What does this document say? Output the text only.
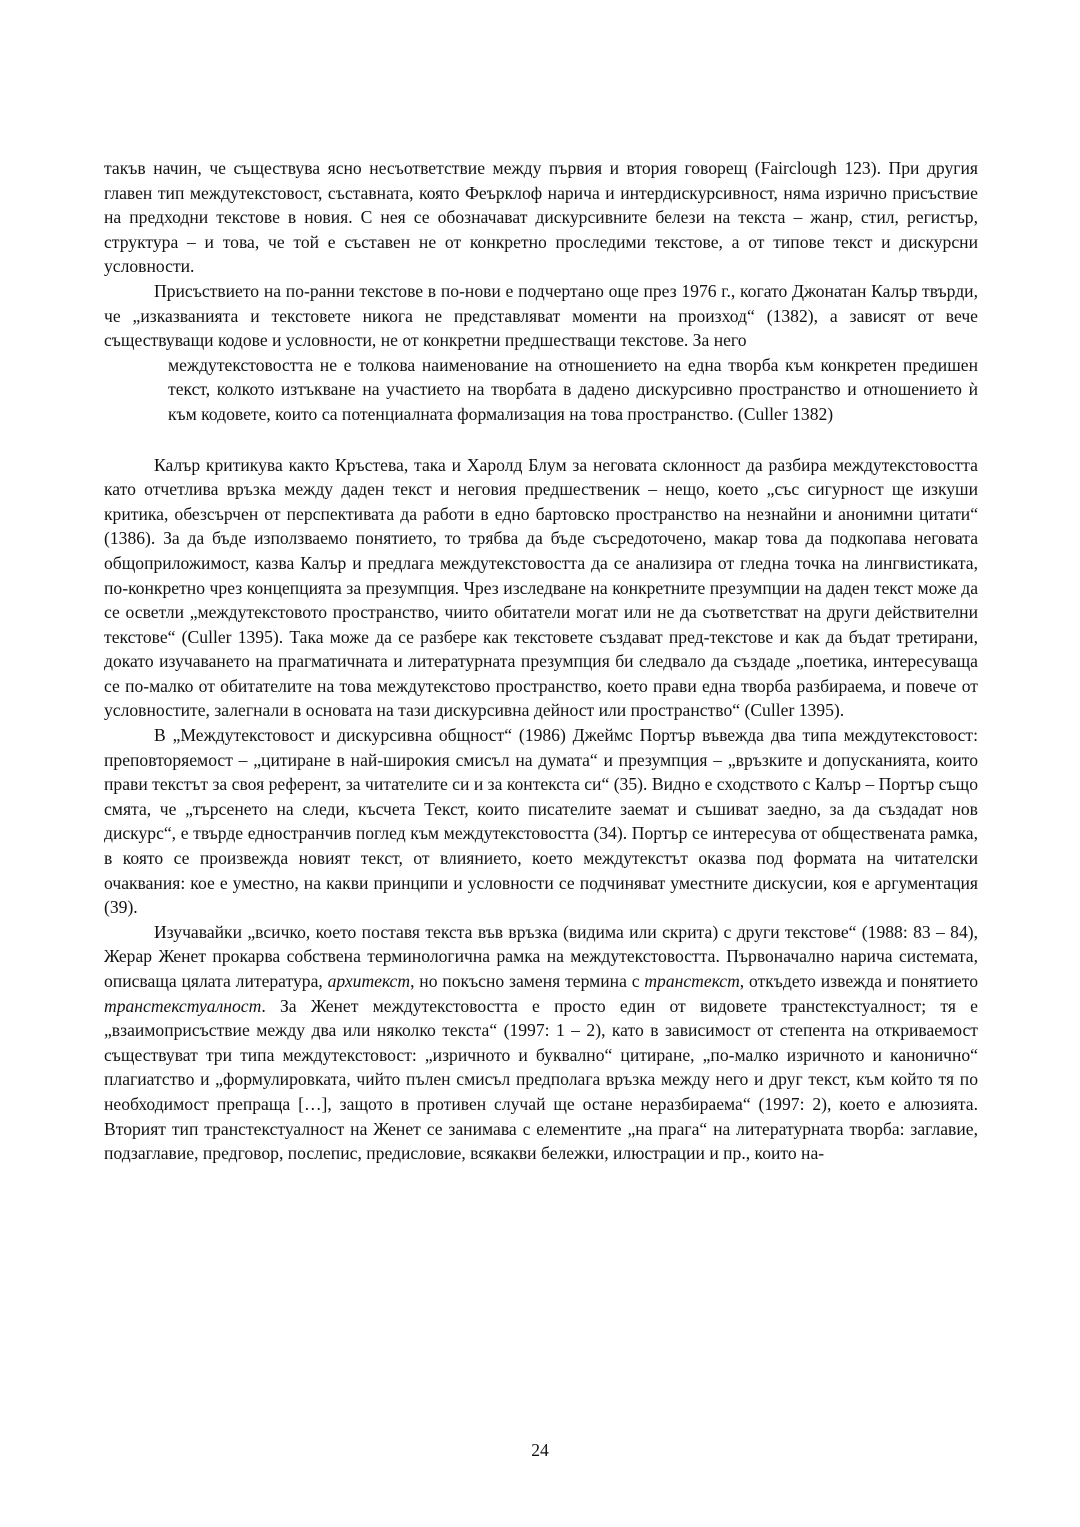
такъв начин, че съществува ясно несъответствие между първия и втория говорещ (Fairclough 123). При другия главен тип междутекстовост, съставната, която Феърклоф нарича и интердискурсивност, няма изрично присъствие на предходни текстове в новия. С нея се обозначават дискурсивните белези на текста – жанр, стил, регистър, структура – и това, че той е съставен не от конкретно проследими текстове, а от типове текст и дискурсни условности.

Присъствието на по-ранни текстове в по-нови е подчертано още през 1976 г., когато Джонатан Калър твърди, че „изказванията и текстовете никога не представляват моменти на произход“ (1382), а зависят от вече съществуващи кодове и условности, не от конкретни предшестващи текстове. За него

междутекстовостта не е толкова наименование на отношението на една творба към конкретен предишен текст, колкото изтъкване на участието на творбата в дадено дискурсивно пространство и отношението ѝ към кодовете, които са потенциалната формализация на това пространство. (Culler 1382)

Калър критикува както Кръстева, така и Харолд Блум за неговата склонност да разбира междутекстовостта като отчетлива връзка между даден текст и неговия предшественик – нещо, което „със сигурност ще изкуши критика, обезсърчен от перспективата да работи в едно бартовско пространство на незнайни и анонимни цитати“ (1386). За да бъде използваемо понятието, то трябва да бъде съсредоточено, макар това да подкопава неговата общоприложимост, казва Калър и предлага междутекстовостта да се анализира от гледна точка на лингвистиката, по-конкретно чрез концепцията за презумпция. Чрез изследване на конкретните презумпции на даден текст може да се осветли „междутекстовото пространство, чиито обитатели могат или не да съответстват на други действителни текстове“ (Culler 1395). Така може да се разбере как текстовете създават пред-текстове и как да бъдат третирани, докато изучаването на прагматичната и литературната презумпция би следвало да създаде „поетика, интересуваща се по-малко от обитателите на това междутекстово пространство, което прави една творба разбираема, и повече от условностите, залегнали в основата на тази дискурсивна дейност или пространство“ (Culler 1395).

В „Междутекстовост и дискурсивна общност“ (1986) Джеймс Портър въвежда два типа междутекстовост: преповторяемост – „цитиране в най-широкия смисъл на думата“ и презумпция – „връзките и допусканията, които прави текстът за своя референт, за читателите си и за контекста си“ (35). Видно е сходството с Калър – Портър също смята, че „търсенето на следи, късчета Текст, които писателите заемат и съшиват заедно, за да създадат нов дискурс“, е твърде едностранчив поглед към междутекстовостта (34). Портър се интересува от обществената рамка, в която се произвежда новият текст, от влиянието, което междутекстът оказва под формата на читателски очаквания: кое е уместно, на какви принципи и условности се подчиняват уместните дискусии, коя е аргументация (39).

Изучавайки „всичко, което поставя текста във връзка (видима или скрита) с други текстове“ (1988: 83 – 84), Жерар Женет прокарва собствена терминологична рамка на междутекстовостта. Първоначално нарича системата, описваща цялата литература, архитекст, но покъсно заменя термина с транстекст, откъдето извежда и понятието транстекстуалност. За Женет междутекстовостта е просто един от видовете транстекстуалност; тя е „взаимоприсъствие между два или няколко текста“ (1997: 1 – 2), като в зависимост от степента на откриваемост съществуват три типа междутекстовост: „изричното и буквално“ цитиране, „по-малко изричното и канонично“ плагиатство и „формулировката, чийто пълен смисъл предполага връзка между него и друг текст, към който тя по необходимост препраща […], защото в противен случай ще остане неразбираема“ (1997: 2), което е алюзията. Вторият тип транстекстуалност на Женет се занимава с елементите „на прага“ на литературната творба: заглавие, подзаглавие, предговор, послепис, предисловие, всякакви бележки, илюстрации и пр., които на-

24
